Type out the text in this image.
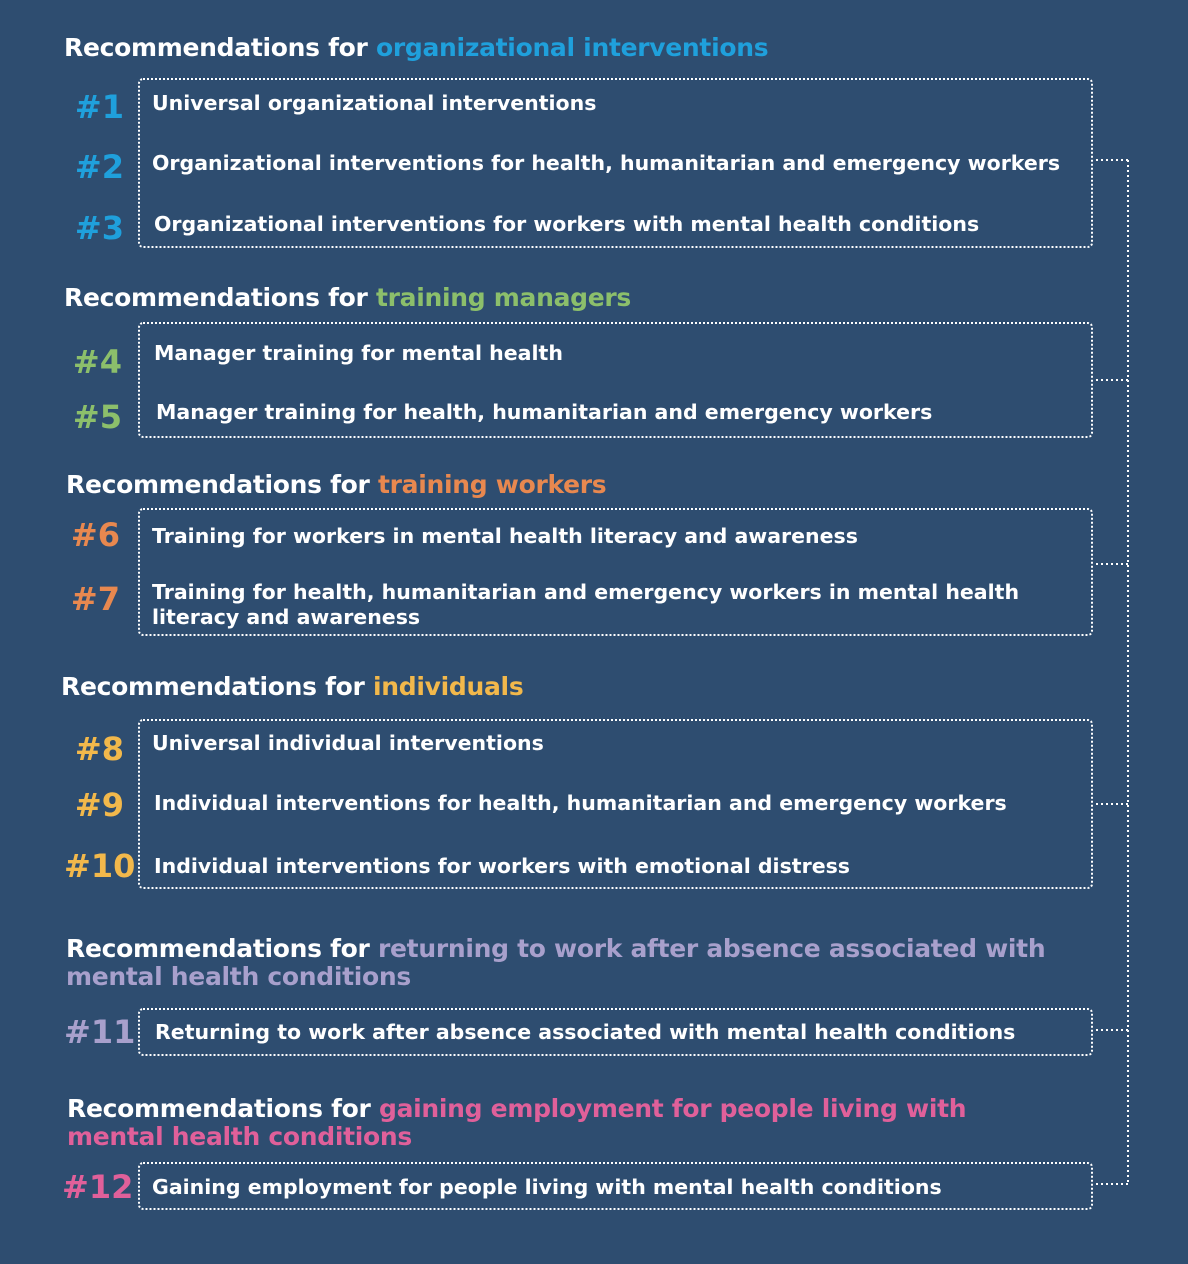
Recommendations for organizational interventions
#1 Universal organizational interventions
#2 Organizational interventions for health, humanitarian and emergency workers
#3 Organizational interventions for workers with mental health conditions
Recommendations for training managers
#4 Manager training for mental health
#5 Manager training for health, humanitarian and emergency workers
Recommendations for training workers
#6 Training for workers in mental health literacy and awareness
#7 Training for health, humanitarian and emergency workers in mental health
literacy and awareness
Recommendations for individuals
#8 Universal individual interventions
#9 Individual interventions for health, humanitarian and emergency workers
#10 Individual interventions for workers with emotional distress
Recommendations for returning to work after absence associated with
mental health conditions
#11 Returning to work after absence associated with mental health conditions
Recommendations for gaining employment for people living with
mental health conditions
#12 Gaining employment for people living with mental health conditions
